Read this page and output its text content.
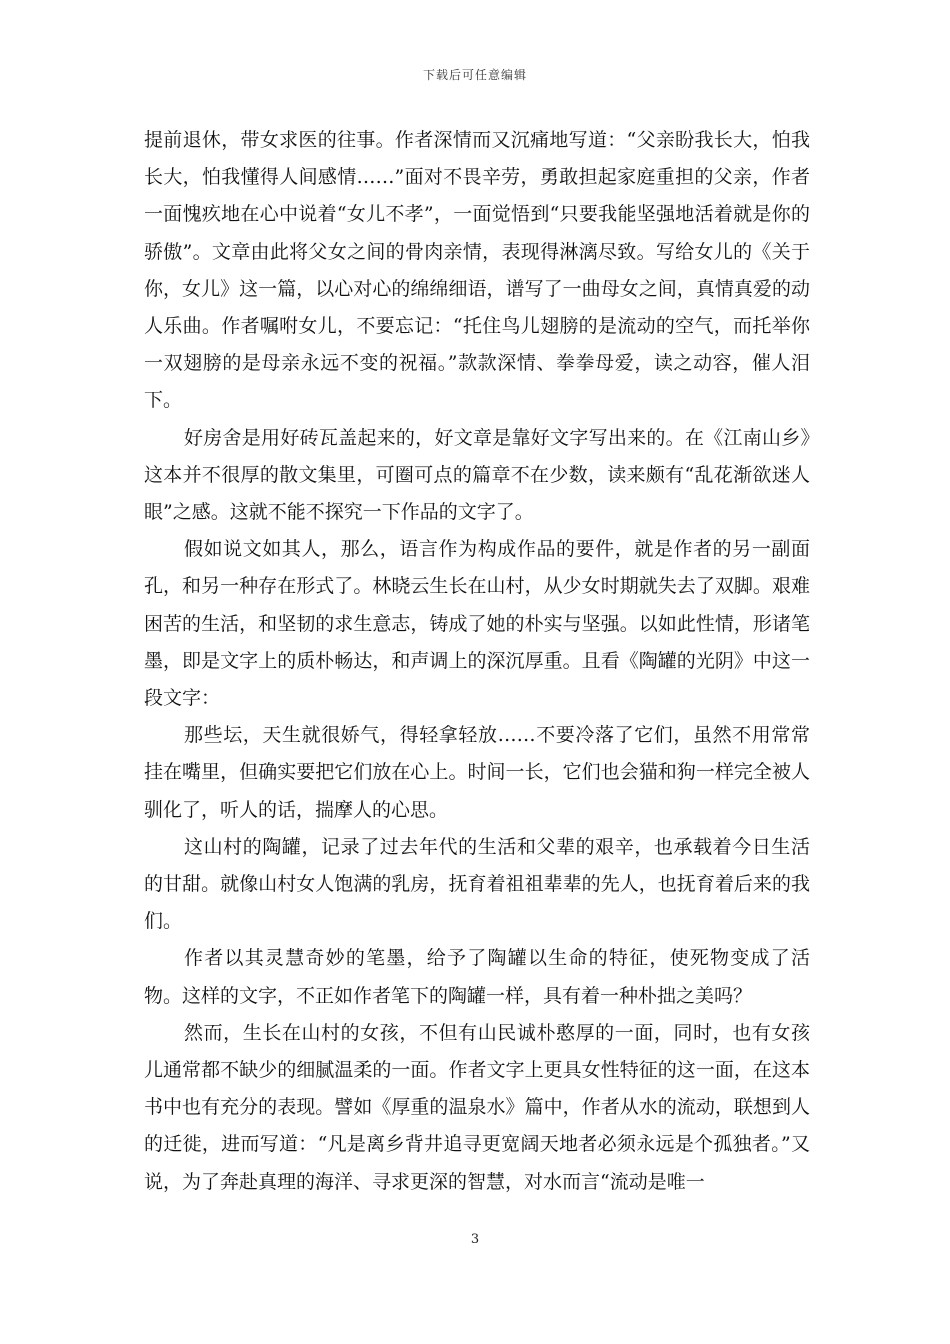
下载后可任意编辑

提前退休，带女求医的往事。作者深情而又沉痛地写道：“父亲盼我长大，怕我长大，怕我懂得人间感情……”面对不畏辛劳，勇敢担起家庭重担的父亲，作者一面愧疚地在心中说着“女儿不孝”，一面觉悟到“只要我能坚强地活着就是你的骄傲”。文章由此将父女之间的骨肉亲情，表现得淋漓尽致。写给女儿的《关于你，女儿》这一篇，以心对心的绵绵细语，谱写了一曲母女之间，真情真爱的动人乐曲。作者嘱咐女儿，不要忘记：“托住鸟儿翅膀的是流动的空气，而托举你一双翅膀的是母亲永远不变的祝福。”款款深情、拳拳母爱，读之动容，催人泪下。

好房舍是用好砖瓦盖起来的，好文章是靠好文字写出来的。在《江南山乡》这本并不很厚的散文集里，可圈可点的篇章不在少数，读来颇有“乱花渐欲迷人眼”之感。这就不能不探究一下作品的文字了。

假如说文如其人，那么，语言作为构成作品的要件，就是作者的另一副面孔，和另一种存在形式了。林晓云生长在山村，从少女时期就失去了双脚。艰难困苦的生活，和坚韧的求生意志，铸成了她的朴实与坚强。以如此性情，形诸笔墨，即是文字上的质朴畅达，和声调上的深沉厚重。且看《陶罐的光阴》中这一段文字：

那些坛，天生就很娇气，得轻拿轻放……不要冷落了它们，虽然不用常常挂在嘴里，但确实要把它们放在心上。时间一长，它们也会猫和狗一样完全被人驯化了，听人的话，揣摩人的心思。

这山村的陶罐，记录了过去年代的生活和父辈的艰辛，也承载着今日生活的甘甜。就像山村女人饱满的乳房，抚育着祖祖辈辈的先人，也抚育着后来的我们。

作者以其灵慧奇妙的笔墨，给予了陶罐以生命的特征，使死物变成了活物。这样的文字，不正如作者笔下的陶罐一样，具有着一种朴拙之美吗？

然而，生长在山村的女孩，不但有山民诚朴憨厚的一面，同时，也有女孩儿通常都不缺少的细腻温柔的一面。作者文字上更具女性特征的这一面，在这本书中也有充分的表现。譬如《厚重的温泉水》篇中，作者从水的流动，联想到人的迁徙，进而写道：“凡是离乡背井追寻更宽阔天地者必须永远是个孤独者。”又说，为了奔赴真理的海洋、寻求更深的智慧，对水而言“流动是唯一

3
